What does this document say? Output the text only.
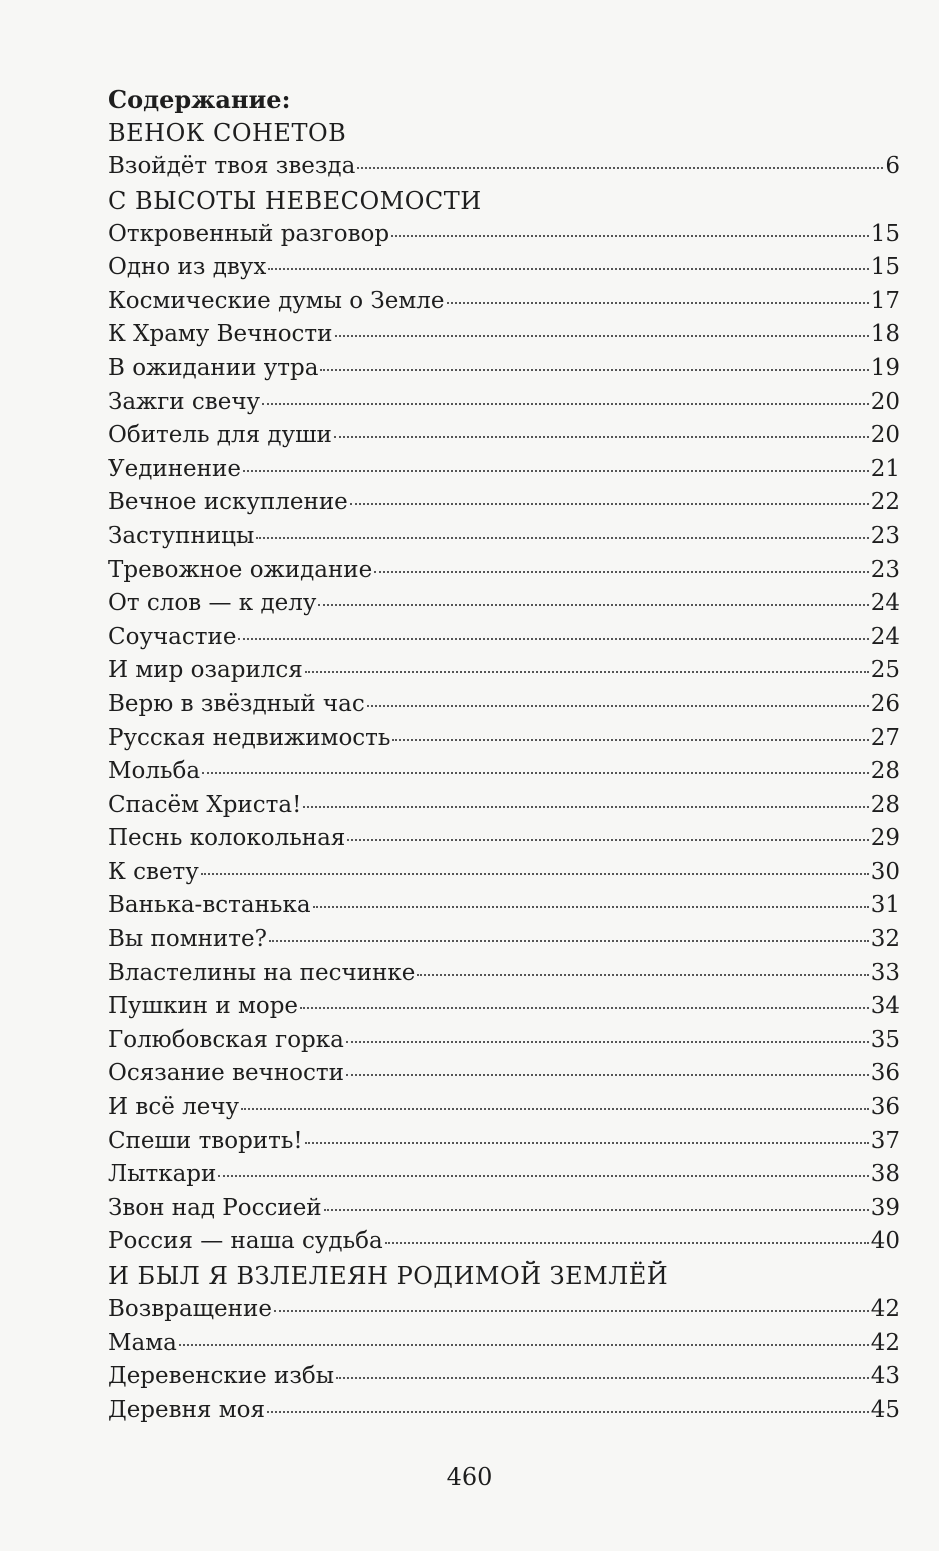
Содержание:
ВЕНОК СОНЕТОВ
Взойдёт твоя звезда	6
С ВЫСОТЫ НЕВЕСОМОСТИ
Откровенный разговор	15
Одно из двух	15
Космические думы о Земле	17
К Храму Вечности	18
В ожидании утра	19
Зажги свечу	20
Обитель для души	20
Уединение	21
Вечное искупление	22
Заступницы	23
Тревожное ожидание	23
От слов — к делу	24
Соучастие	24
И мир озарился	25
Верю в звёздный час	26
Русская недвижимость	27
Мольба	28
Спасём Христа!	28
Песнь колокольная	29
К свету	30
Ванька-встанька	31
Вы помните?	32
Властелины на песчинке	33
Пушкин и море	34
Голюбовская горка	35
Осязание вечности	36
И всё лечу	36
Спеши творить!	37
Лыткари	38
Звон над Россией	39
Россия — наша судьба	40
И БЫЛ Я ВЗЛЕЛЕЯН РОДИМОЙ ЗЕМЛЁЙ
Возвращение	42
Мама	42
Деревенские избы	43
Деревня моя	45
460
